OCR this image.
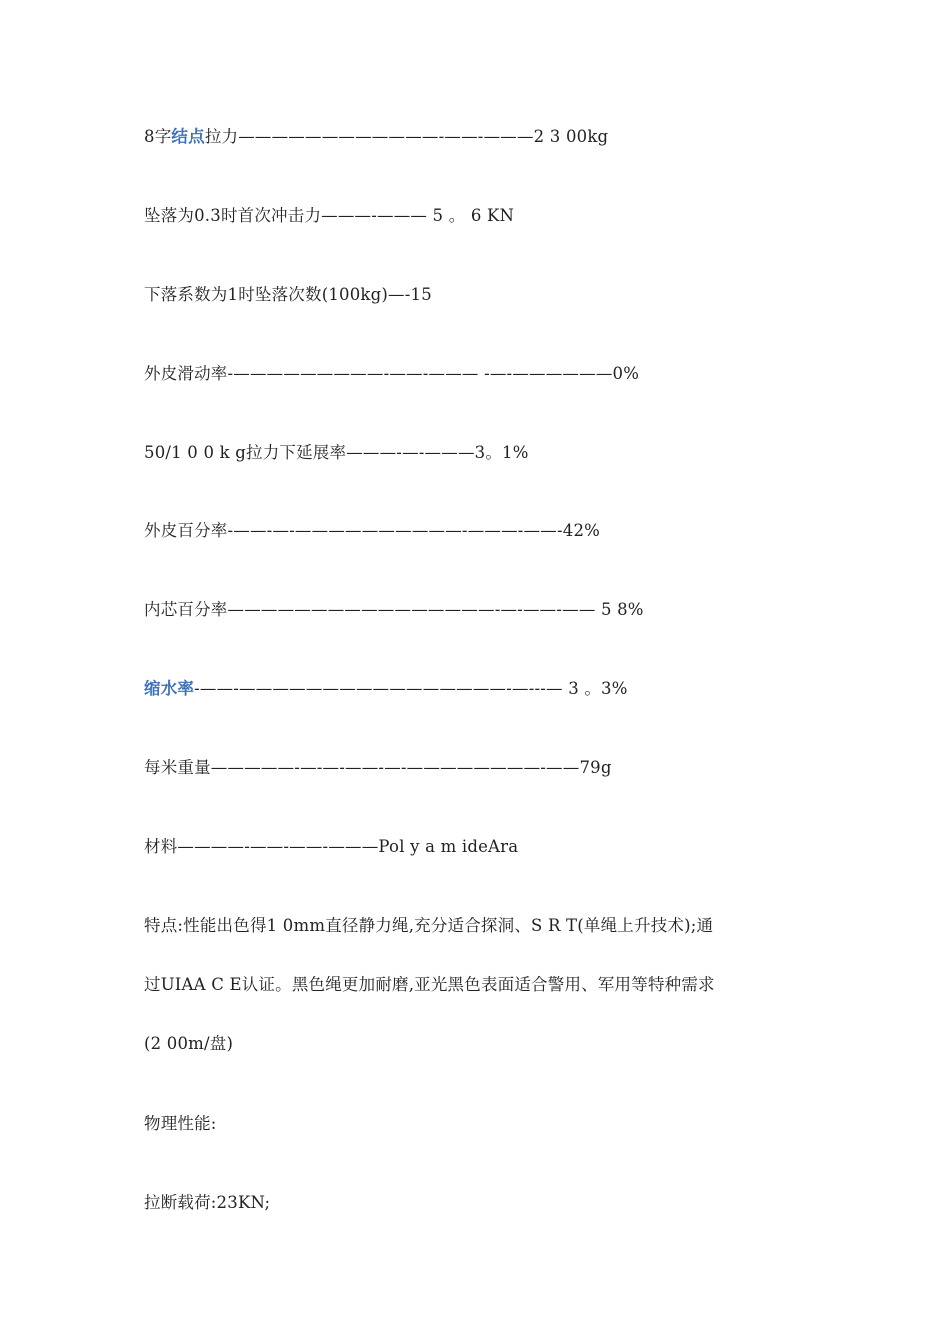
8字结点拉力————————————-——-———2 3 00kg
坠落为0.3时首次冲击力———-——— 5 。 6 KN
下落系数为1时坠落次数(100kg)—-15
外皮滑动率-—————————-——-——— -—-——————0%
50/1 0 0 k g拉力下延展率———-—-———3。1%
外皮百分率-——-—-——————————-———-——-42%
内芯百分率————————————————-—-——-—— 5 8%
缩水率-——-————————————————-—---— 3 。3%
每米重量—————-—-—-——-—-————————-——79g
材料————-——-——-———Pol y a m ideAra
特点:性能出色得1 0mm直径静力绳,充分适合探洞、S R T(单绳上升技术);通
过UIAA C E认证。黑色绳更加耐磨,亚光黑色表面适合警用、军用等特种需求
(2 00m/盘)
物理性能:
拉断载荷:23KN;
